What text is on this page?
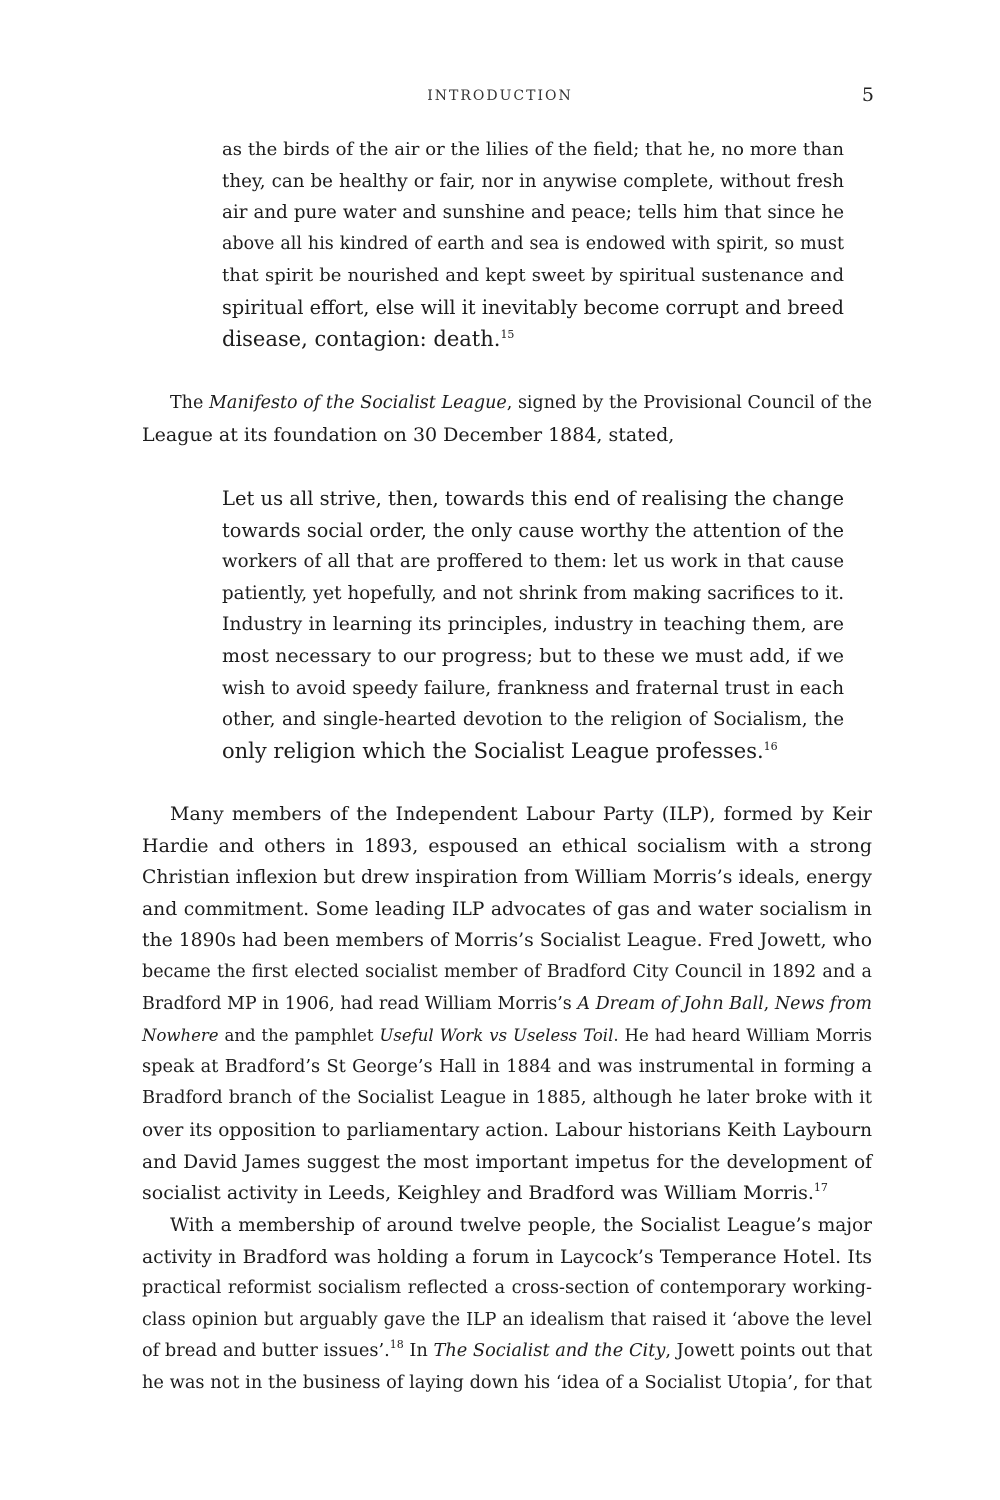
INTRODUCTION	5
as the birds of the air or the lilies of the field; that he, no more than
they, can be healthy or fair, nor in anywise complete, without fresh
air and pure water and sunshine and peace; tells him that since he
above all his kindred of earth and sea is endowed with spirit, so must
that spirit be nourished and kept sweet by spiritual sustenance and
spiritual effort, else will it inevitably become corrupt and breed
disease, contagion: death.$^{15}$
The Manifesto of the Socialist League, signed by the Provisional Council of the
League at its foundation on 30 December 1884, stated,
Let us all strive, then, towards this end of realising the change
towards social order, the only cause worthy the attention of the
workers of all that are proffered to them: let us work in that cause
patiently, yet hopefully, and not shrink from making sacrifices to it.
Industry in learning its principles, industry in teaching them, are
most necessary to our progress; but to these we must add, if we
wish to avoid speedy failure, frankness and fraternal trust in each
other, and single-hearted devotion to the religion of Socialism, the
only religion which the Socialist League professes.$^{16}$
Many members of the Independent Labour Party (ILP), formed by Keir
Hardie and others in 1893, espoused an ethical socialism with a strong
Christian inflexion but drew inspiration from William Morris’s ideals, energy
and commitment. Some leading ILP advocates of gas and water socialism in
the 1890s had been members of Morris’s Socialist League. Fred Jowett, who
became the first elected socialist member of Bradford City Council in 1892 and a
Bradford MP in 1906, had read William Morris’s A Dream of John Ball, News from
Nowhere and the pamphlet Useful Work vs Useless Toil. He had heard William Morris
speak at Bradford’s St George’s Hall in 1884 and was instrumental in forming a
Bradford branch of the Socialist League in 1885, although he later broke with it
over its opposition to parliamentary action. Labour historians Keith Laybourn
and David James suggest the most important impetus for the development of
socialist activity in Leeds, Keighley and Bradford was William Morris.$^{17}$
With a membership of around twelve people, the Socialist League’s major
activity in Bradford was holding a forum in Laycock’s Temperance Hotel. Its
practical reformist socialism reflected a cross-section of contemporary working-
class opinion but arguably gave the ILP an idealism that raised it ‘above the level
of bread and butter issues’.$^{18}$ In The Socialist and the City, Jowett points out that
he was not in the business of laying down his ‘idea of a Socialist Utopia’, for that
